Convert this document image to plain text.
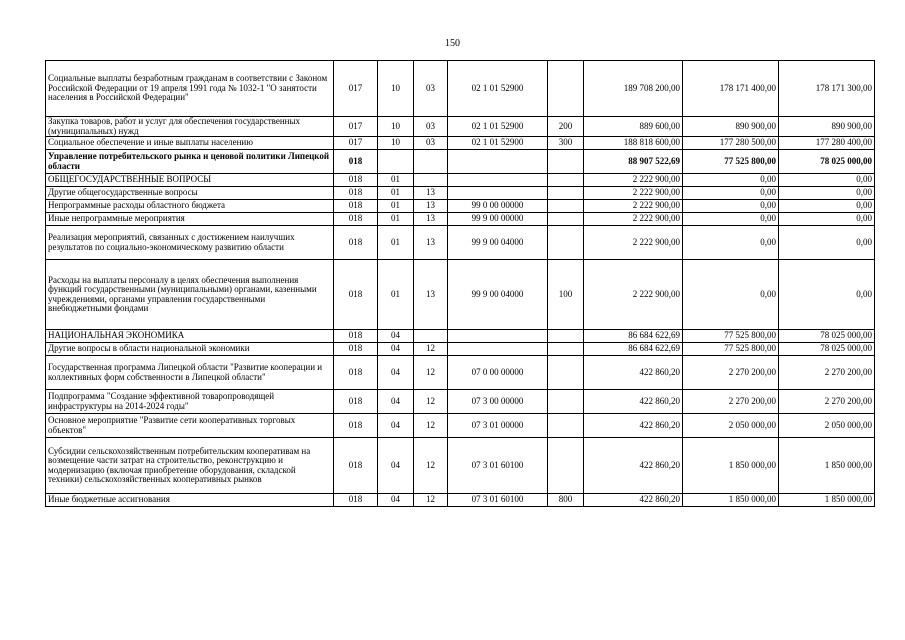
150
Социальные выплаты безработным гражданам в соответствии с Законом Российской Федерации от 19 апреля 1991 года № 1032-1 "О занятости населения в Российской Федерации"	017	10	03	02 1 01 52900		189 708 200,00	178 171 400,00	178 171 300,00
Закупка товаров, работ и услуг для обеспечения государственных (муниципальных) нужд	017	10	03	02 1 01 52900	200	889 600,00	890 900,00	890 900,00
Социальное обеспечение и иные выплаты населению	017	10	03	02 1 01 52900	300	188 818 600,00	177 280 500,00	177 280 400,00
Управление потребительского рынка и ценовой политики Липецкой области	018					88 907 522,69	77 525 800,00	78 025 000,00
ОБЩЕГОСУДАРСТВЕННЫЕ ВОПРОСЫ	018	01				2 222 900,00	0,00	0,00
Другие общегосударственные вопросы	018	01	13			2 222 900,00	0,00	0,00
Непрограммные расходы областного бюджета	018	01	13	99 0 00 00000		2 222 900,00	0,00	0,00
Иные непрограммные мероприятия	018	01	13	99 9 00 00000		2 222 900,00	0,00	0,00
Реализация мероприятий, связанных с достижением наилучших результатов по социально-экономическому развитию области	018	01	13	99 9 00 04000		2 222 900,00	0,00	0,00
Расходы на выплаты персоналу в целях обеспечения выполнения функций государственными (муниципальными) органами, казенными учреждениями, органами управления государственными внебюджетными фондами	018	01	13	99 9 00 04000	100	2 222 900,00	0,00	0,00
НАЦИОНАЛЬНАЯ ЭКОНОМИКА	018	04				86 684 622,69	77 525 800,00	78 025 000,00
Другие вопросы в области национальной экономики	018	04	12			86 684 622,69	77 525 800,00	78 025 000,00
Государственная программа Липецкой области "Развитие кооперации и коллективных форм собственности в Липецкой области"	018	04	12	07 0 00 00000		422 860,20	2 270 200,00	2 270 200,00
Подпрограмма "Создание эффективной товаропроводящей инфраструктуры на 2014-2024 годы"	018	04	12	07 3 00 00000		422 860,20	2 270 200,00	2 270 200,00
Основное мероприятие "Развитие сети кооперативных торговых объектов"	018	04	12	07 3 01 00000		422 860,20	2 050 000,00	2 050 000,00
Субсидии сельскохозяйственным потребительским кооперативам на возмещение части затрат на строительство, реконструкцию и модернизацию (включая приобретение оборудования, складской техники) сельскохозяйственных кооперативных рынков	018	04	12	07 3 01 60100		422 860,20	1 850 000,00	1 850 000,00
Иные бюджетные ассигнования	018	04	12	07 3 01 60100	800	422 860,20	1 850 000,00	1 850 000,00
